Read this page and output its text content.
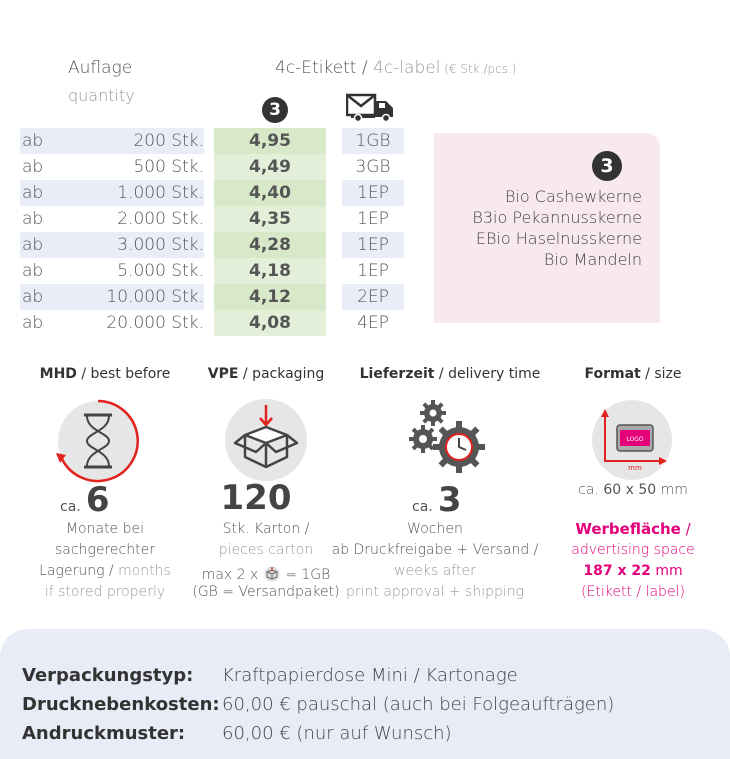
Auflage
quantity
4c-Etikett / 4c-label (€ Stk./pcs.)
3
ab	200 Stk.	4,95	1GB
ab	500 Stk.	4,49	3GB
ab	1.000 Stk.	4,40	1EP
ab	2.000 Stk.	4,35	1EP
ab	3.000 Stk.	4,28	1EP
ab	5.000 Stk.	4,18	1EP
ab	10.000 Stk.	4,12	2EP
ab	20.000 Stk.	4,08	4EP
3
Bio Cashewkerne
B3io Pekannusskerne
EBio Haselnusskerne
Bio Mandeln
MHD / best before
ca. 6
Monate bei
sachgerechter
Lagerung / months
if stored properly
VPE / packaging
120
Stk. Karton /
pieces carton
max 2 x = 1GB
(GB = Versandpaket)
Lieferzeit / delivery time
ca. 3
Wochen
ab Druckfreigabe + Versand /
weeks after
print approval + shipping
Format / size
LOGO
mm
ca. 60 x 50 mm
Werbefläche /
advertising space
187 x 22 mm
(Etikett / label)
Verpackungstyp: Kraftpapierdose Mini / Kartonage
Drucknebenkosten: 60,00 € pauschal (auch bei Folgeaufträgen)
Andruckmuster: 60,00 € (nur auf Wunsch)
